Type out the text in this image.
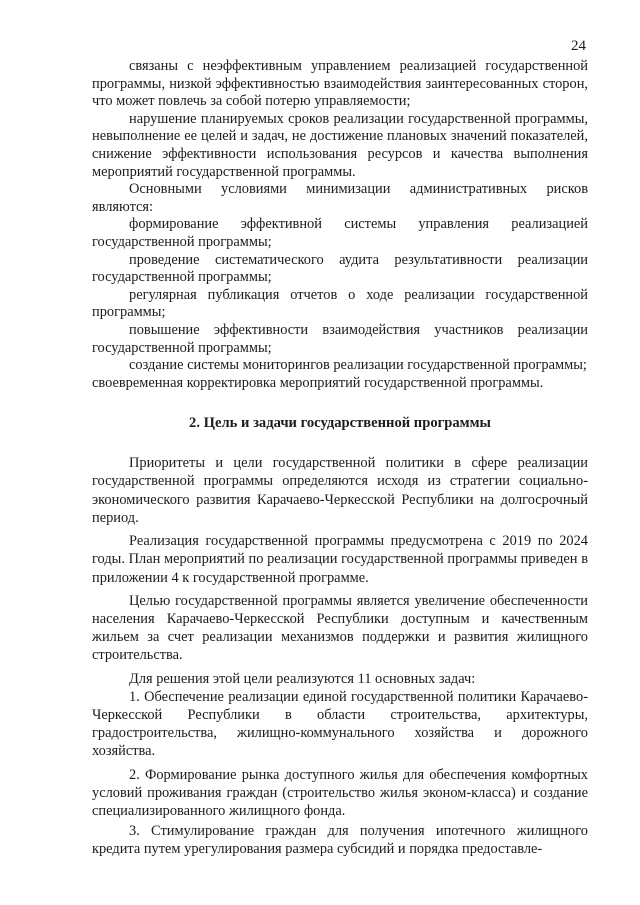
24

связаны с неэффективным управлением реализацией государственной программы, низкой эффективностью взаимодействия заинтересованных сторон, что может повлечь за собой потерю управляемости;

нарушение планируемых сроков реализации государственной программы, невыполнение ее целей и задач, не достижение плановых значений показателей, снижение эффективности использования ресурсов и качества выполнения мероприятий государственной программы.

Основными условиями минимизации административных рисков являются:

формирование эффективной системы управления реализацией государственной программы;

проведение систематического аудита результативности реализации государственной программы;

регулярная публикация отчетов о ходе реализации государственной программы;

повышение эффективности взаимодействия участников реализации государственной программы;

создание системы мониторингов реализации государственной программы;

своевременная корректировка мероприятий государственной программы.

2. Цель и задачи государственной программы

Приоритеты и цели государственной политики в сфере реализации государственной программы определяются исходя из стратегии социально-экономического развития Карачаево-Черкесской Республики на долгосрочный период.

Реализация государственной программы предусмотрена с 2019 по 2024 годы. План мероприятий по реализации государственной программы приведен в приложении 4 к государственной программе.

Целью государственной программы является увеличение обеспеченности населения Карачаево-Черкесской Республики доступным и качественным жильем за счет реализации механизмов поддержки и развития жилищного строительства.

Для решения этой цели реализуются 11 основных задач:

1. Обеспечение реализации единой государственной политики Карачаево-Черкесской Республики в области строительства, архитектуры, градостроительства, жилищно-коммунального хозяйства и дорожного хозяйства.

2. Формирование рынка доступного жилья для обеспечения комфортных условий проживания граждан (строительство жилья эконом-класса) и создание специализированного жилищного фонда.

3. Стимулирование граждан для получения ипотечного жилищного кредита путем урегулирования размера субсидий и порядка предоставле-
